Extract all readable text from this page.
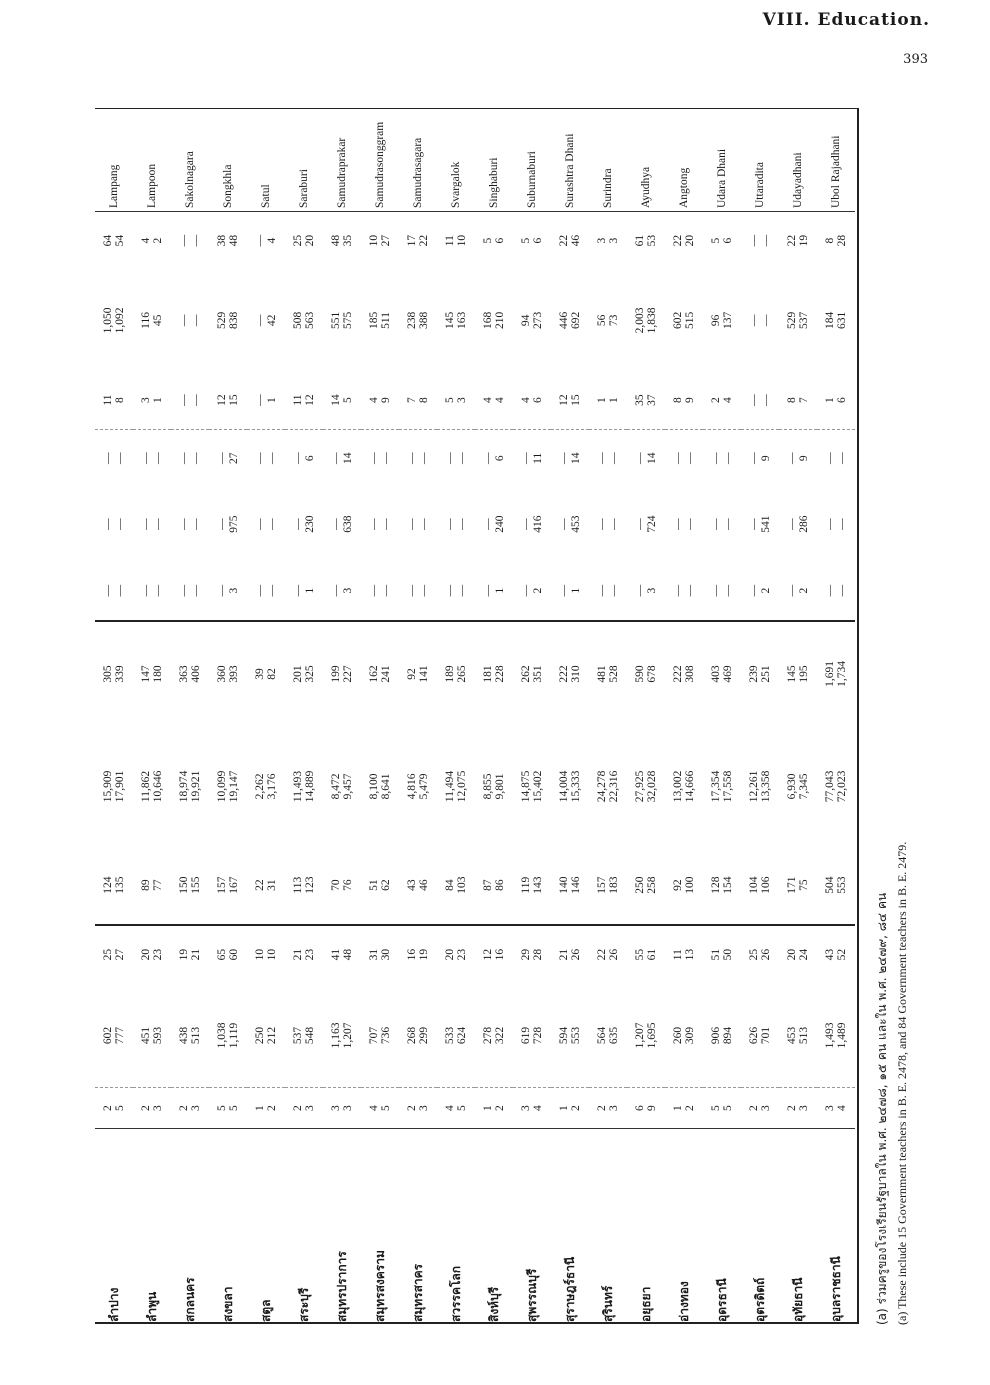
VIII. Education.
393
ลำปาง	2 5	602 777	25 27	124 135	15,909 17,901	305 339	— —	— —	— —	11 8	1,050 1,092	64 54	Lampang
ลำพูน	2 3	451 593	20 23	89 77	11,862 10,646	147 180	— —	— —	— —	3 1	116 45	4 2	Lampoon
สกลนคร	2 3	438 513	19 21	150 155	18,974 19,921	363 406	— —	— —	— —	— —	— —	— —	Sakolnagara
สงขลา	5 5	1,038 1,119	65 60	157 167	10,099 19,147	360 393	— 3	— 975	— 27	12 15	529 838	38 48	Songkhla
สตูล	1 2	250 212	10 10	22 31	2,262 3,176	39 82	— —	— —	— —	— 1	— 42	— 4	Satul
สระบุรี	2 3	537 548	21 23	113 123	11,493 14,889	201 325	— 1	— 230	— 6	11 12	508 563	25 20	Saraburi
สมุทรปราการ	3 3	1,163 1,207	41 48	70 76	8,472 9,457	199 227	— 3	— 638	— 14	14 5	551 575	48 35	Samudraprakar
สมุทรสงคราม	4 5	707 736	31 30	51 62	8,100 8,641	162 241	— —	— —	— —	4 9	185 511	10 27	Samudrasonggram
สมุทรสาคร	2 3	268 299	16 19	43 46	4,816 5,479	92 141	— —	— —	— —	7 8	238 388	17 22	Samudrasagara
สวรรคโลก	4 5	533 624	20 23	84 103	11,494 12,075	189 265	— —	— —	— —	5 3	145 163	11 10	Svargalok
สิงห์บุรี	1 2	278 322	12 16	87 86	8,855 9,801	181 228	— 1	— 240	— 6	4 4	168 210	5 6	Singhaburi
สุพรรณบุรี	3 4	619 728	29 28	119 143	14,875 15,402	262 351	— 2	— 416	— 11	4 6	94 273	5 6	Suburnaburi
สุราษฎร์ธานี	1 2	594 553	21 26	140 146	14,004 15,333	222 310	— 1	— 453	— 14	12 15	446 692	22 46	Surashtra Dhani
สุรินทร์	2 3	564 635	22 26	157 183	24,278 22,316	481 528	— —	— —	— —	1 1	56 73	3 3	Surindra
อยุธยา	6 9	1,207 1,695	55 61	250 258	27,925 32,028	590 678	— 3	— 724	— 14	35 37	2,003 1,838	61 53	Ayudhya
อ่างทอง	1 2	260 309	11 13	92 100	13,002 14,666	222 308	— —	— —	— —	8 9	602 515	22 20	Angtong
อุดรธานี	5 5	906 894	51 50	128 154	17,354 17,558	403 469	— —	— —	— —	2 4	96 137	5 6	Udara Dhani
อุตรดิตถ์	2 3	626 701	25 26	104 106	12,261 13,358	239 251	— 2	— 541	— 9	— —	— —	— —	Uttaradita
อุทัยธานี	2 3	453 513	20 24	171 75	6,930 7,345	145 195	— 2	— 286	— 9	8 7	529 537	22 19	Udayadhani
อุบลราชธานี	3 4	1,493 1,489	43 52	504 553	77,043 72,023	1,691 1,734	— —	— —	— —	1 6	184 631	8 28	Ubol Rajadhani
(a) ร่วมครูของโรงเรียนรัฐบาลใน พ.ศ. ๒๔๗๘, ๑๕ คน และใน พ.ศ. ๒๔๗๙, ๘๔ คน (a) These include 15 Government teachers in B. E. 2478, and 84 Government teachers in B. E. 2479.
